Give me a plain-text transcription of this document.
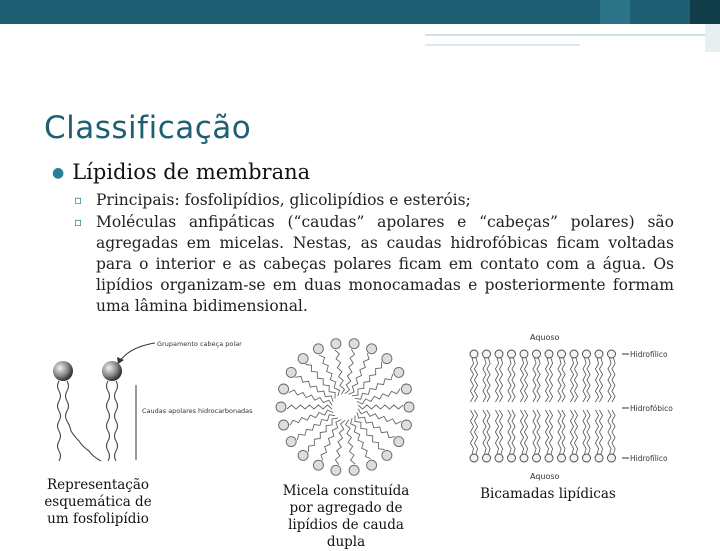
Classificação
● Lípidios de membrana
▫ Principais: fosfolipídios, glicolipídios e esteróis;
▫ Moléculas anfipáticas (“caudas” apolares e “cabeças” polares) são agregadas em micelas. Nestas, as caudas hidrofóbicas ficam voltadas para o interior e as cabeças polares ficam em contato com a água. Os lipídios organizam-se em duas monocamadas e posteriormente formam uma lâmina bidimensional.
Grupamento cabeça polar
Caudas apolares hidrocarbonadas
Representação esquemática de um fosfolipídio
Micela constituída por agregado de lipídios de cauda dupla
Aquoso
Aquoso
Hidrofílico
Hidrofóbico
Hidrofílico
Bicamadas lipídicas
